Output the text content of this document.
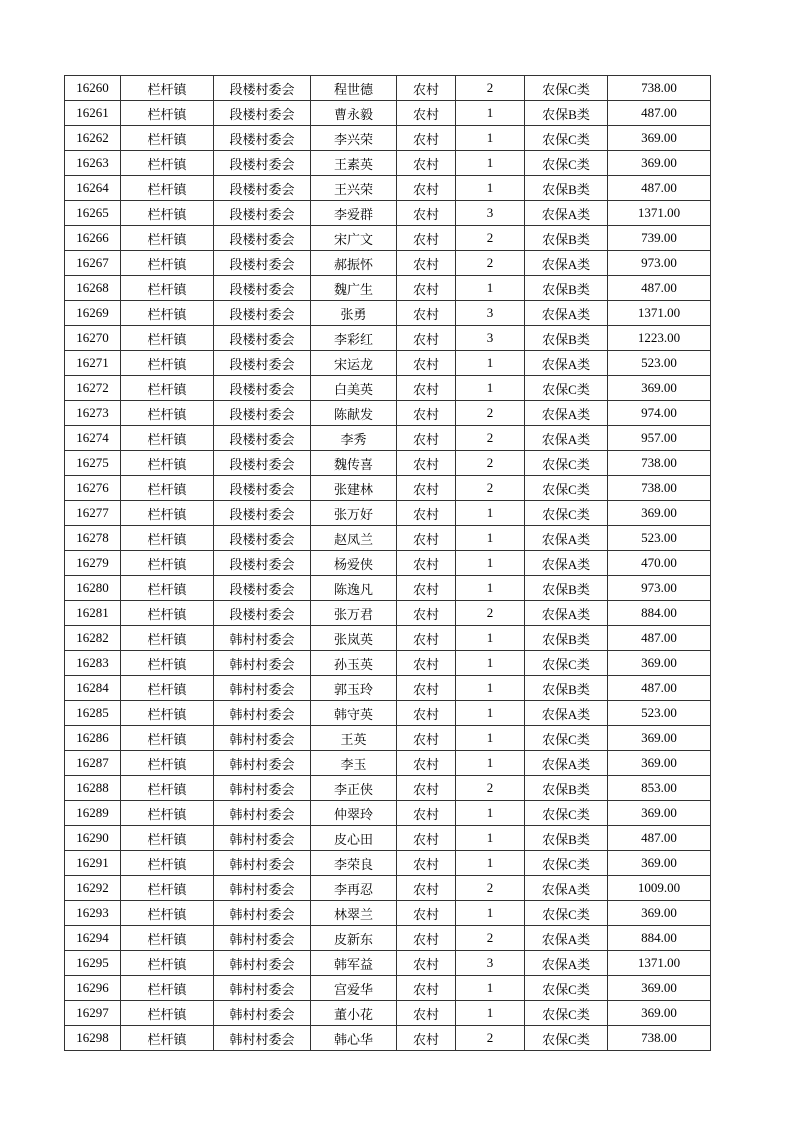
16260	栏杆镇	段楼村委会	程世德	农村	2	农保C类	738.00
16261	栏杆镇	段楼村委会	曹永毅	农村	1	农保B类	487.00
16262	栏杆镇	段楼村委会	李兴荣	农村	1	农保C类	369.00
16263	栏杆镇	段楼村委会	王素英	农村	1	农保C类	369.00
16264	栏杆镇	段楼村委会	王兴荣	农村	1	农保B类	487.00
16265	栏杆镇	段楼村委会	李爱群	农村	3	农保A类	1371.00
16266	栏杆镇	段楼村委会	宋广文	农村	2	农保B类	739.00
16267	栏杆镇	段楼村委会	郝振怀	农村	2	农保A类	973.00
16268	栏杆镇	段楼村委会	魏广生	农村	1	农保B类	487.00
16269	栏杆镇	段楼村委会	张勇	农村	3	农保A类	1371.00
16270	栏杆镇	段楼村委会	李彩红	农村	3	农保B类	1223.00
16271	栏杆镇	段楼村委会	宋运龙	农村	1	农保A类	523.00
16272	栏杆镇	段楼村委会	白美英	农村	1	农保C类	369.00
16273	栏杆镇	段楼村委会	陈献发	农村	2	农保A类	974.00
16274	栏杆镇	段楼村委会	李秀	农村	2	农保A类	957.00
16275	栏杆镇	段楼村委会	魏传喜	农村	2	农保C类	738.00
16276	栏杆镇	段楼村委会	张建林	农村	2	农保C类	738.00
16277	栏杆镇	段楼村委会	张万好	农村	1	农保C类	369.00
16278	栏杆镇	段楼村委会	赵凤兰	农村	1	农保A类	523.00
16279	栏杆镇	段楼村委会	杨爱侠	农村	1	农保A类	470.00
16280	栏杆镇	段楼村委会	陈逸凡	农村	1	农保B类	973.00
16281	栏杆镇	段楼村委会	张万君	农村	2	农保A类	884.00
16282	栏杆镇	韩村村委会	张岚英	农村	1	农保B类	487.00
16283	栏杆镇	韩村村委会	孙玉英	农村	1	农保C类	369.00
16284	栏杆镇	韩村村委会	郭玉玲	农村	1	农保B类	487.00
16285	栏杆镇	韩村村委会	韩守英	农村	1	农保A类	523.00
16286	栏杆镇	韩村村委会	王英	农村	1	农保C类	369.00
16287	栏杆镇	韩村村委会	李玉	农村	1	农保A类	369.00
16288	栏杆镇	韩村村委会	李正侠	农村	2	农保B类	853.00
16289	栏杆镇	韩村村委会	仲翠玲	农村	1	农保C类	369.00
16290	栏杆镇	韩村村委会	皮心田	农村	1	农保B类	487.00
16291	栏杆镇	韩村村委会	李荣良	农村	1	农保C类	369.00
16292	栏杆镇	韩村村委会	李再忍	农村	2	农保A类	1009.00
16293	栏杆镇	韩村村委会	林翠兰	农村	1	农保C类	369.00
16294	栏杆镇	韩村村委会	皮新东	农村	2	农保A类	884.00
16295	栏杆镇	韩村村委会	韩军益	农村	3	农保A类	1371.00
16296	栏杆镇	韩村村委会	宫爱华	农村	1	农保C类	369.00
16297	栏杆镇	韩村村委会	董小花	农村	1	农保C类	369.00
16298	栏杆镇	韩村村委会	韩心华	农村	2	农保C类	738.00
